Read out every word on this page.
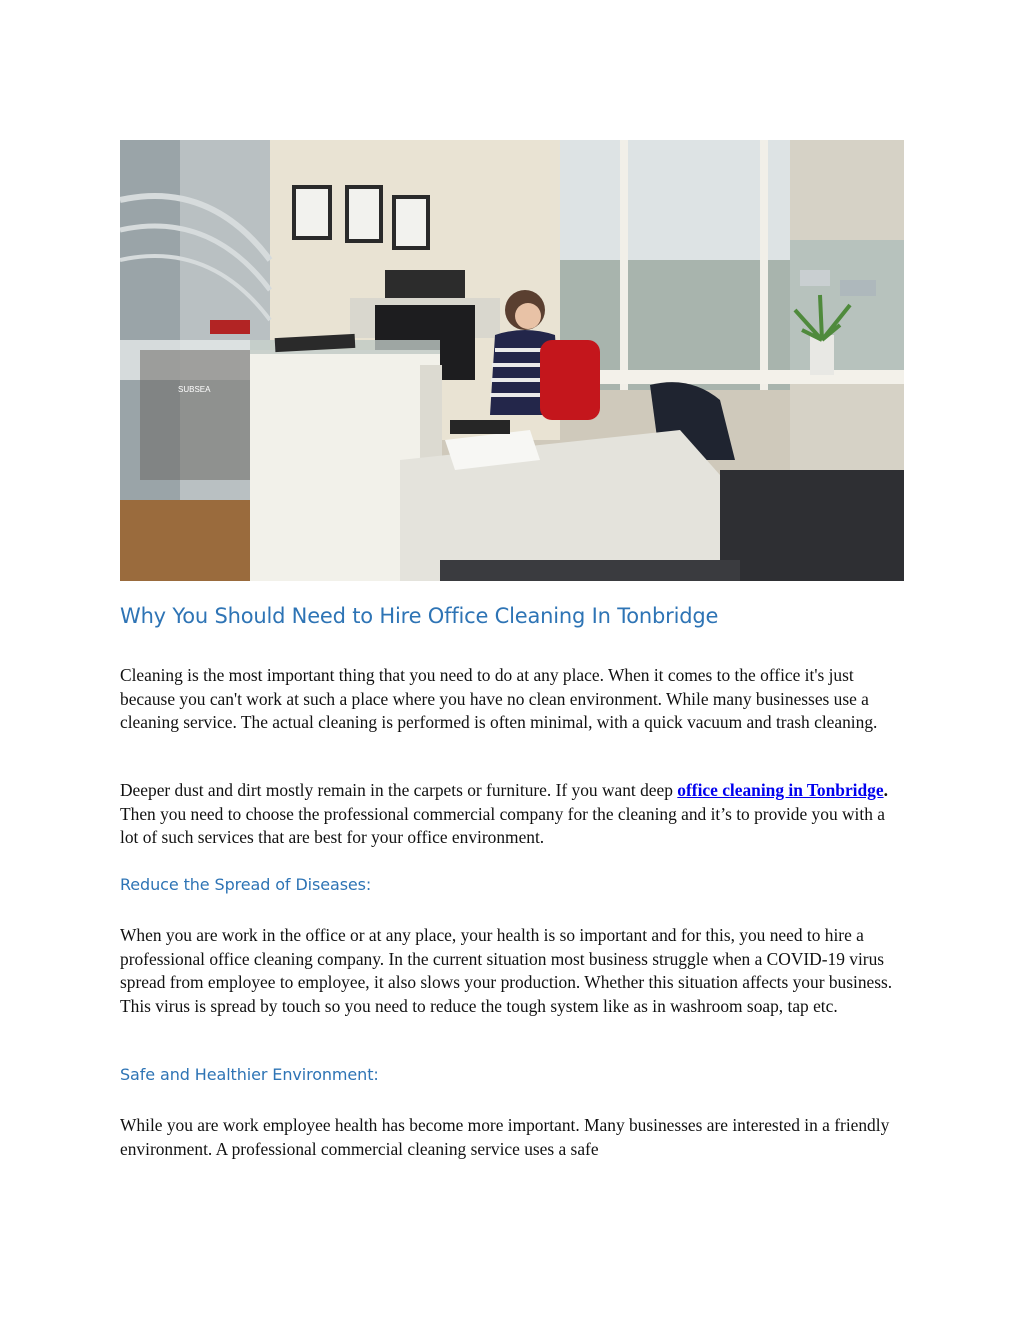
SUBSEA
Why You Should Need to Hire Office Cleaning In Tonbridge

Cleaning is the most important thing that you need to do at any place. When it comes to the office it's just because you can't work at such a place where you have no clean environment. While many businesses use a cleaning service. The actual cleaning is performed is often minimal, with a quick vacuum and trash cleaning.

Deeper dust and dirt mostly remain in the carpets or furniture. If you want deep office cleaning in Tonbridge. Then you need to choose the professional commercial company for the cleaning and it’s to provide you with a lot of such services that are best for your office environment.

Reduce the Spread of Diseases:

When you are work in the office or at any place, your health is so important and for this, you need to hire a professional office cleaning company. In the current situation most business struggle when a COVID-19 virus spread from employee to employee, it also slows your production. Whether this situation affects your business. This virus is spread by touch so you need to reduce the tough system like as in washroom soap, tap etc.

Safe and Healthier Environment:

While you are work employee health has become more important. Many businesses are interested in a friendly environment. A professional commercial cleaning service uses a safe
